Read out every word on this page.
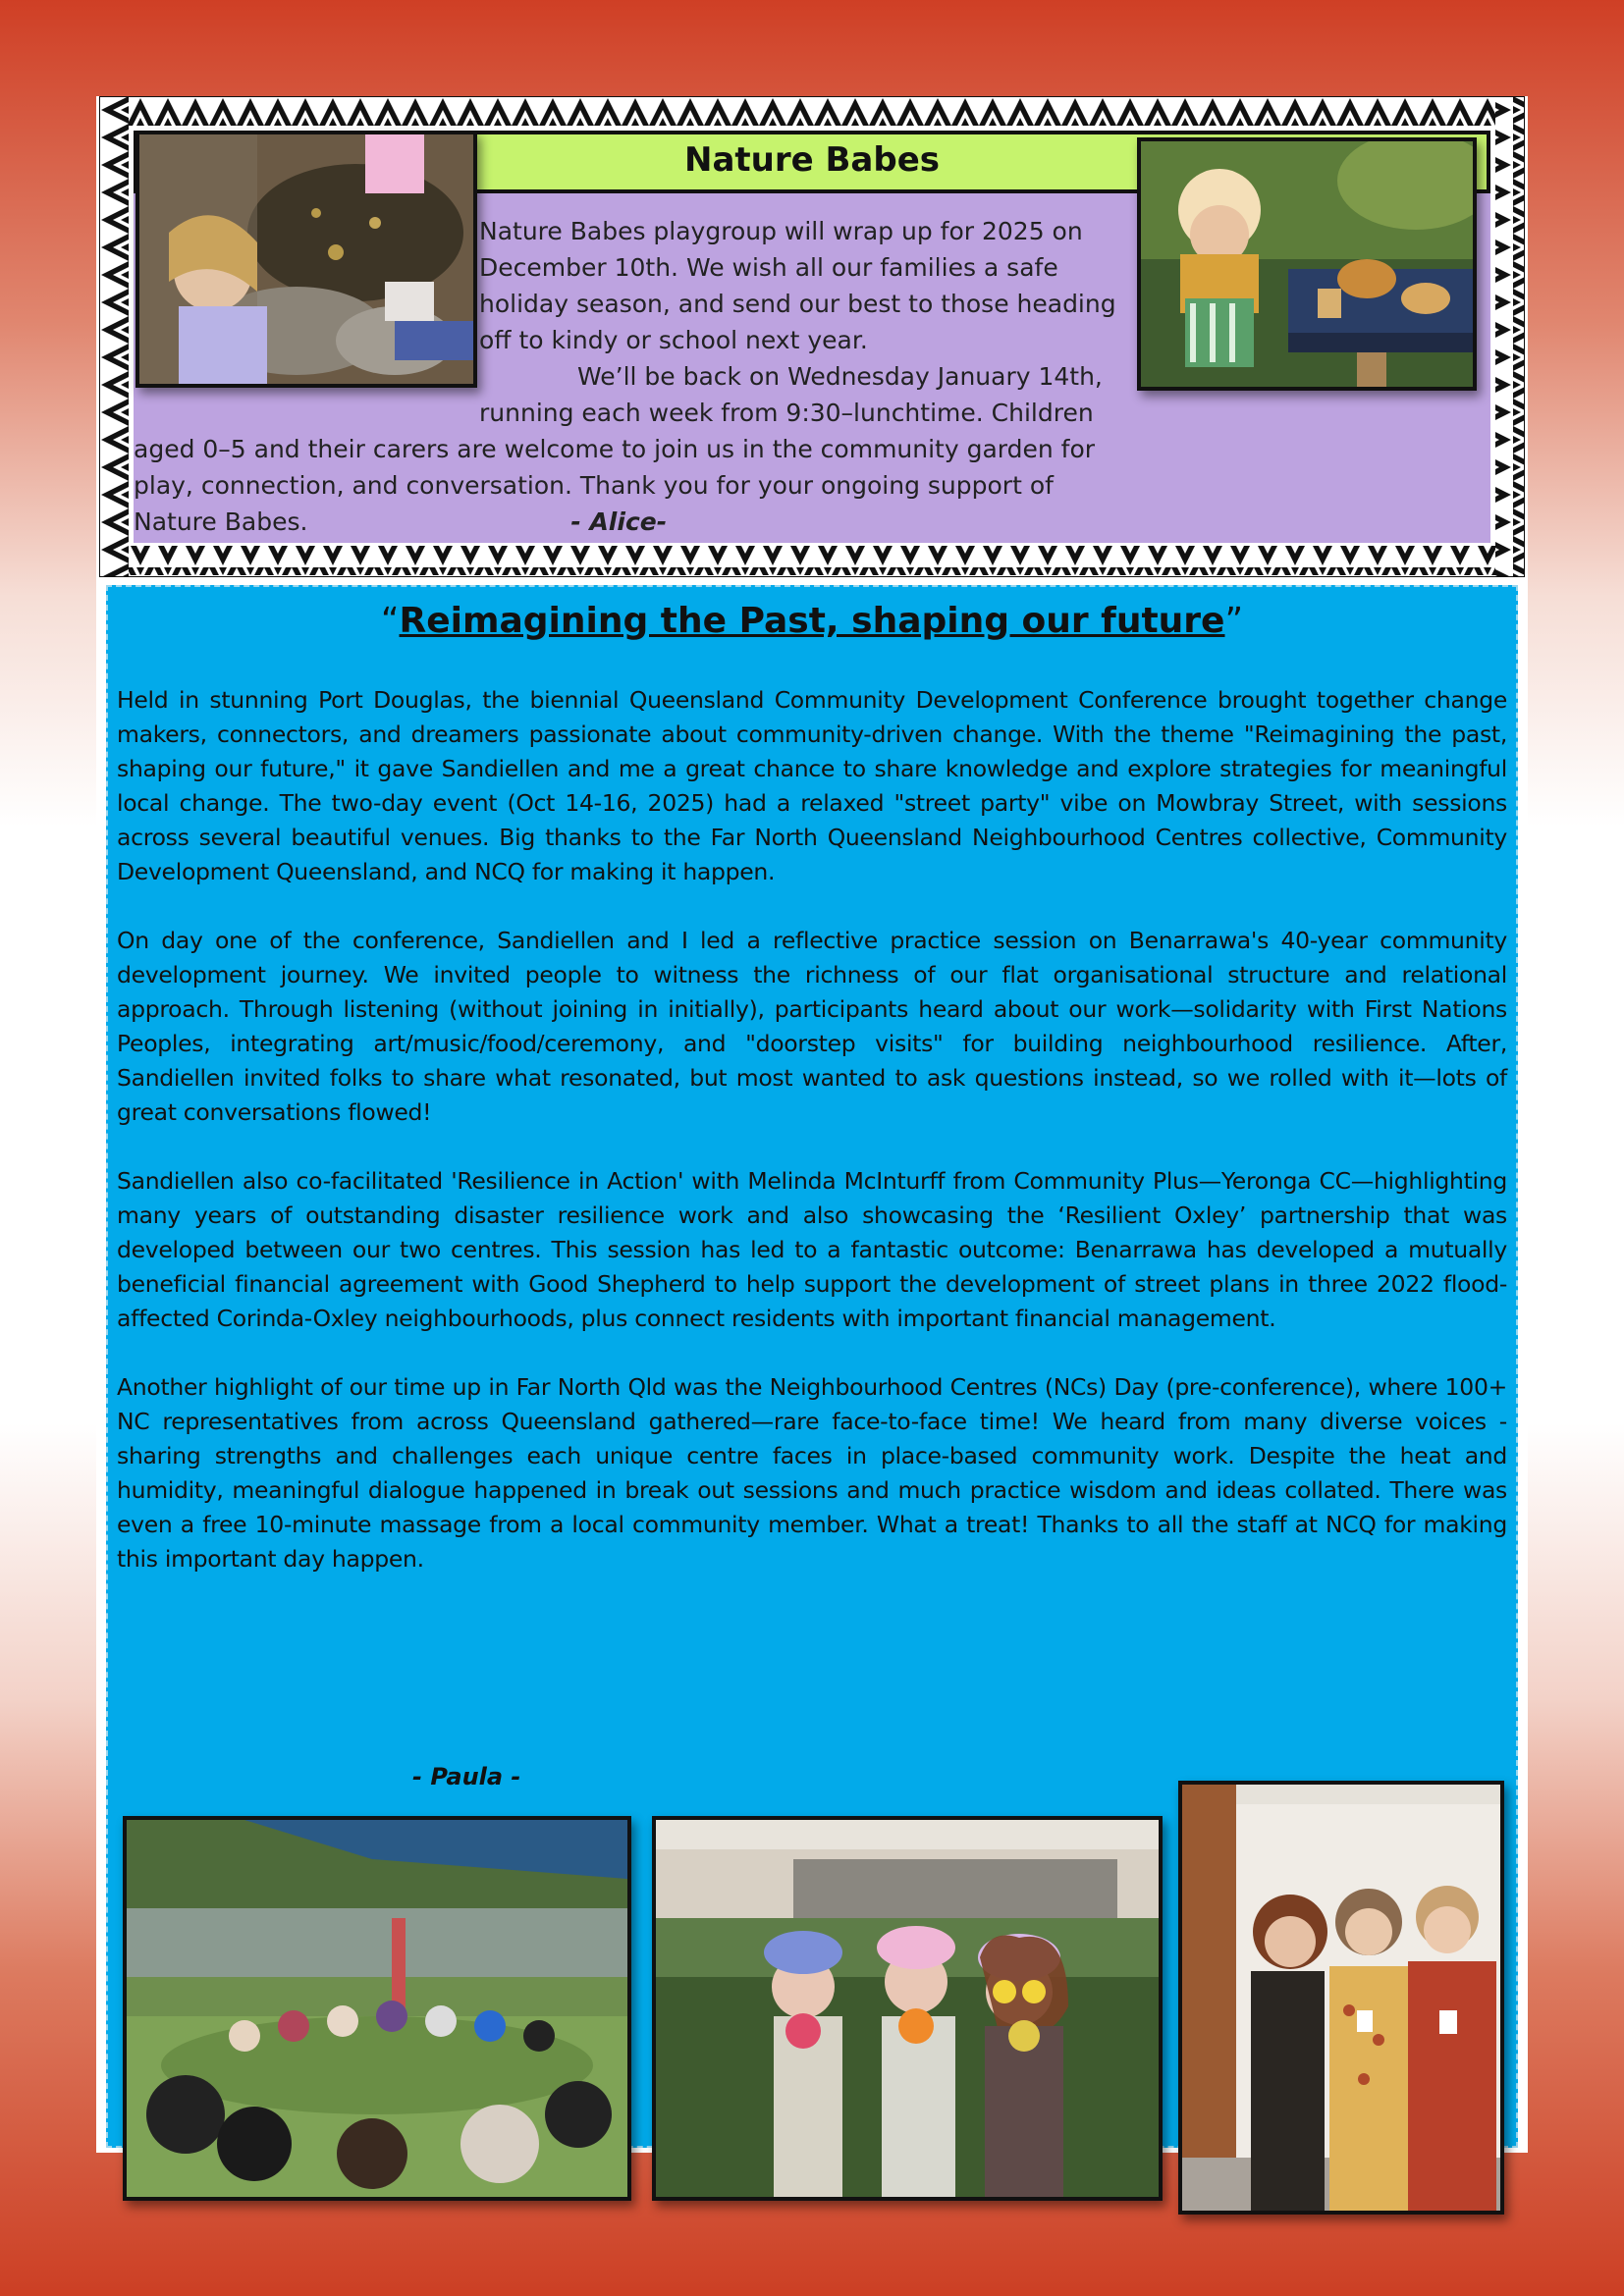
Nature Babes

Nature Babes playgroup will wrap up for 2025 on December 10th. We wish all our families a safe holiday season, and send our best to those heading off to kindy or school next year.

We’ll be back on Wednesday January 14th, running each week from 9:30–lunchtime. Children aged 0–5 and their carers are welcome to join us in the community garden for play, connection, and conversation. Thank you for your ongoing support of Nature Babes.	- Alice-

“Reimagining the Past, shaping our future”

Held in stunning Port Douglas, the biennial Queensland Community Development Conference brought together change makers, connectors, and dreamers passionate about community-driven change. With the theme "Reimagining the past, shaping our future," it gave Sandiellen and me a great chance to share knowledge and explore strategies for meaningful local change. The two-day event (Oct 14-16, 2025) had a relaxed "street party" vibe on Mowbray Street, with sessions across several beautiful venues. Big thanks to the Far North Queensland Neighbourhood Centres collective, Community Development Queensland, and NCQ for making it happen.

On day one of the conference, Sandiellen and I led a reflective practice session on Benarrawa's 40-year community development journey. We invited people to witness the richness of our flat organisational structure and relational approach. Through listening (without joining in initially), participants heard about our work—solidarity with First Nations Peoples, integrating art/music/food/ceremony, and "doorstep visits" for building neighbourhood resilience. After, Sandiellen invited folks to share what resonated, but most wanted to ask questions instead, so we rolled with it—lots of great conversations flowed!

Sandiellen also co-facilitated 'Resilience in Action' with Melinda McInturff from Community Plus—Yeronga CC—highlighting many years of outstanding disaster resilience work and also showcasing the ‘Resilient Oxley’ partnership that was developed between our two centres. This session has led to a fantastic outcome: Benarrawa has developed a mutually beneficial financial agreement with Good Shepherd to help support the development of street plans in three 2022 flood-affected Corinda-Oxley neighbourhoods, plus connect residents with important financial management.

Another highlight of our time up in Far North Qld was the Neighbourhood Centres (NCs) Day (pre-conference), where 100+ NC representatives from across Queensland gathered—rare face-to-face time! We heard from many diverse voices - sharing strengths and challenges each unique centre faces in place-based community work. Despite the heat and humidity, meaningful dialogue happened in break out sessions and much practice wisdom and ideas collated. There was even a free 10-minute massage from a local community member. What a treat! Thanks to all the staff at NCQ for making this important day happen.

- Paula -
